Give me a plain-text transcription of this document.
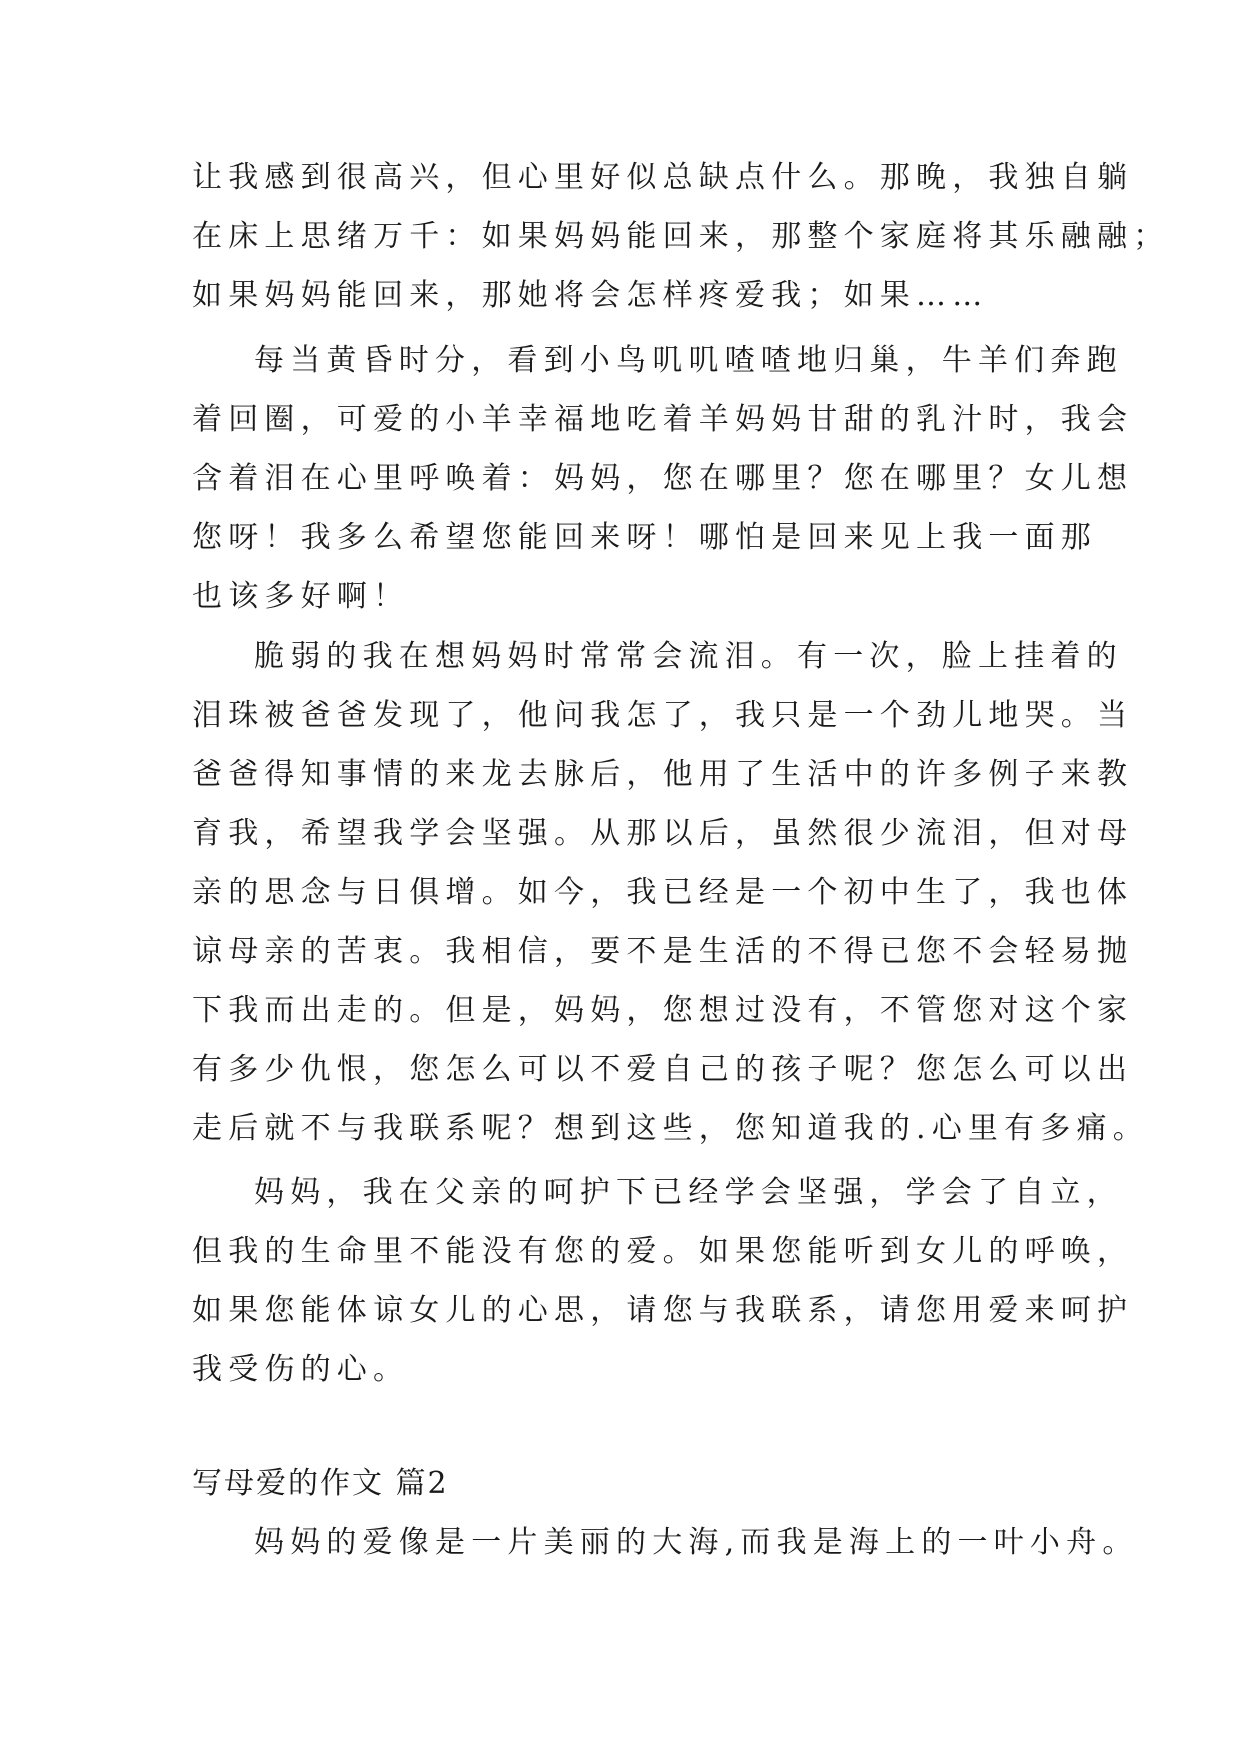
让我感到很高兴，但心里好似总缺点什么。那晚，我独自躺
在床上思绪万千：如果妈妈能回来，那整个家庭将其乐融融；
如果妈妈能回来，那她将会怎样疼爱我；如果……
每当黄昏时分，看到小鸟叽叽喳喳地归巢，牛羊们奔跑
着回圈，可爱的小羊幸福地吃着羊妈妈甘甜的乳汁时，我会
含着泪在心里呼唤着：妈妈，您在哪里？您在哪里？女儿想
您呀！我多么希望您能回来呀！哪怕是回来见上我一面那
也该多好啊！
脆弱的我在想妈妈时常常会流泪。有一次，脸上挂着的
泪珠被爸爸发现了，他问我怎了，我只是一个劲儿地哭。当
爸爸得知事情的来龙去脉后，他用了生活中的许多例子来教
育我，希望我学会坚强。从那以后，虽然很少流泪，但对母
亲的思念与日俱增。如今，我已经是一个初中生了，我也体
谅母亲的苦衷。我相信，要不是生活的不得已您不会轻易抛
下我而出走的。但是，妈妈，您想过没有，不管您对这个家
有多少仇恨，您怎么可以不爱自己的孩子呢？您怎么可以出
走后就不与我联系呢？想到这些，您知道我的.心里有多痛。
妈妈，我在父亲的呵护下已经学会坚强，学会了自立，
但我的生命里不能没有您的爱。如果您能听到女儿的呼唤，
如果您能体谅女儿的心思，请您与我联系，请您用爱来呵护
我受伤的心。
写母爱的作文 篇2
妈妈的爱像是一片美丽的大海,而我是海上的一叶小舟。
